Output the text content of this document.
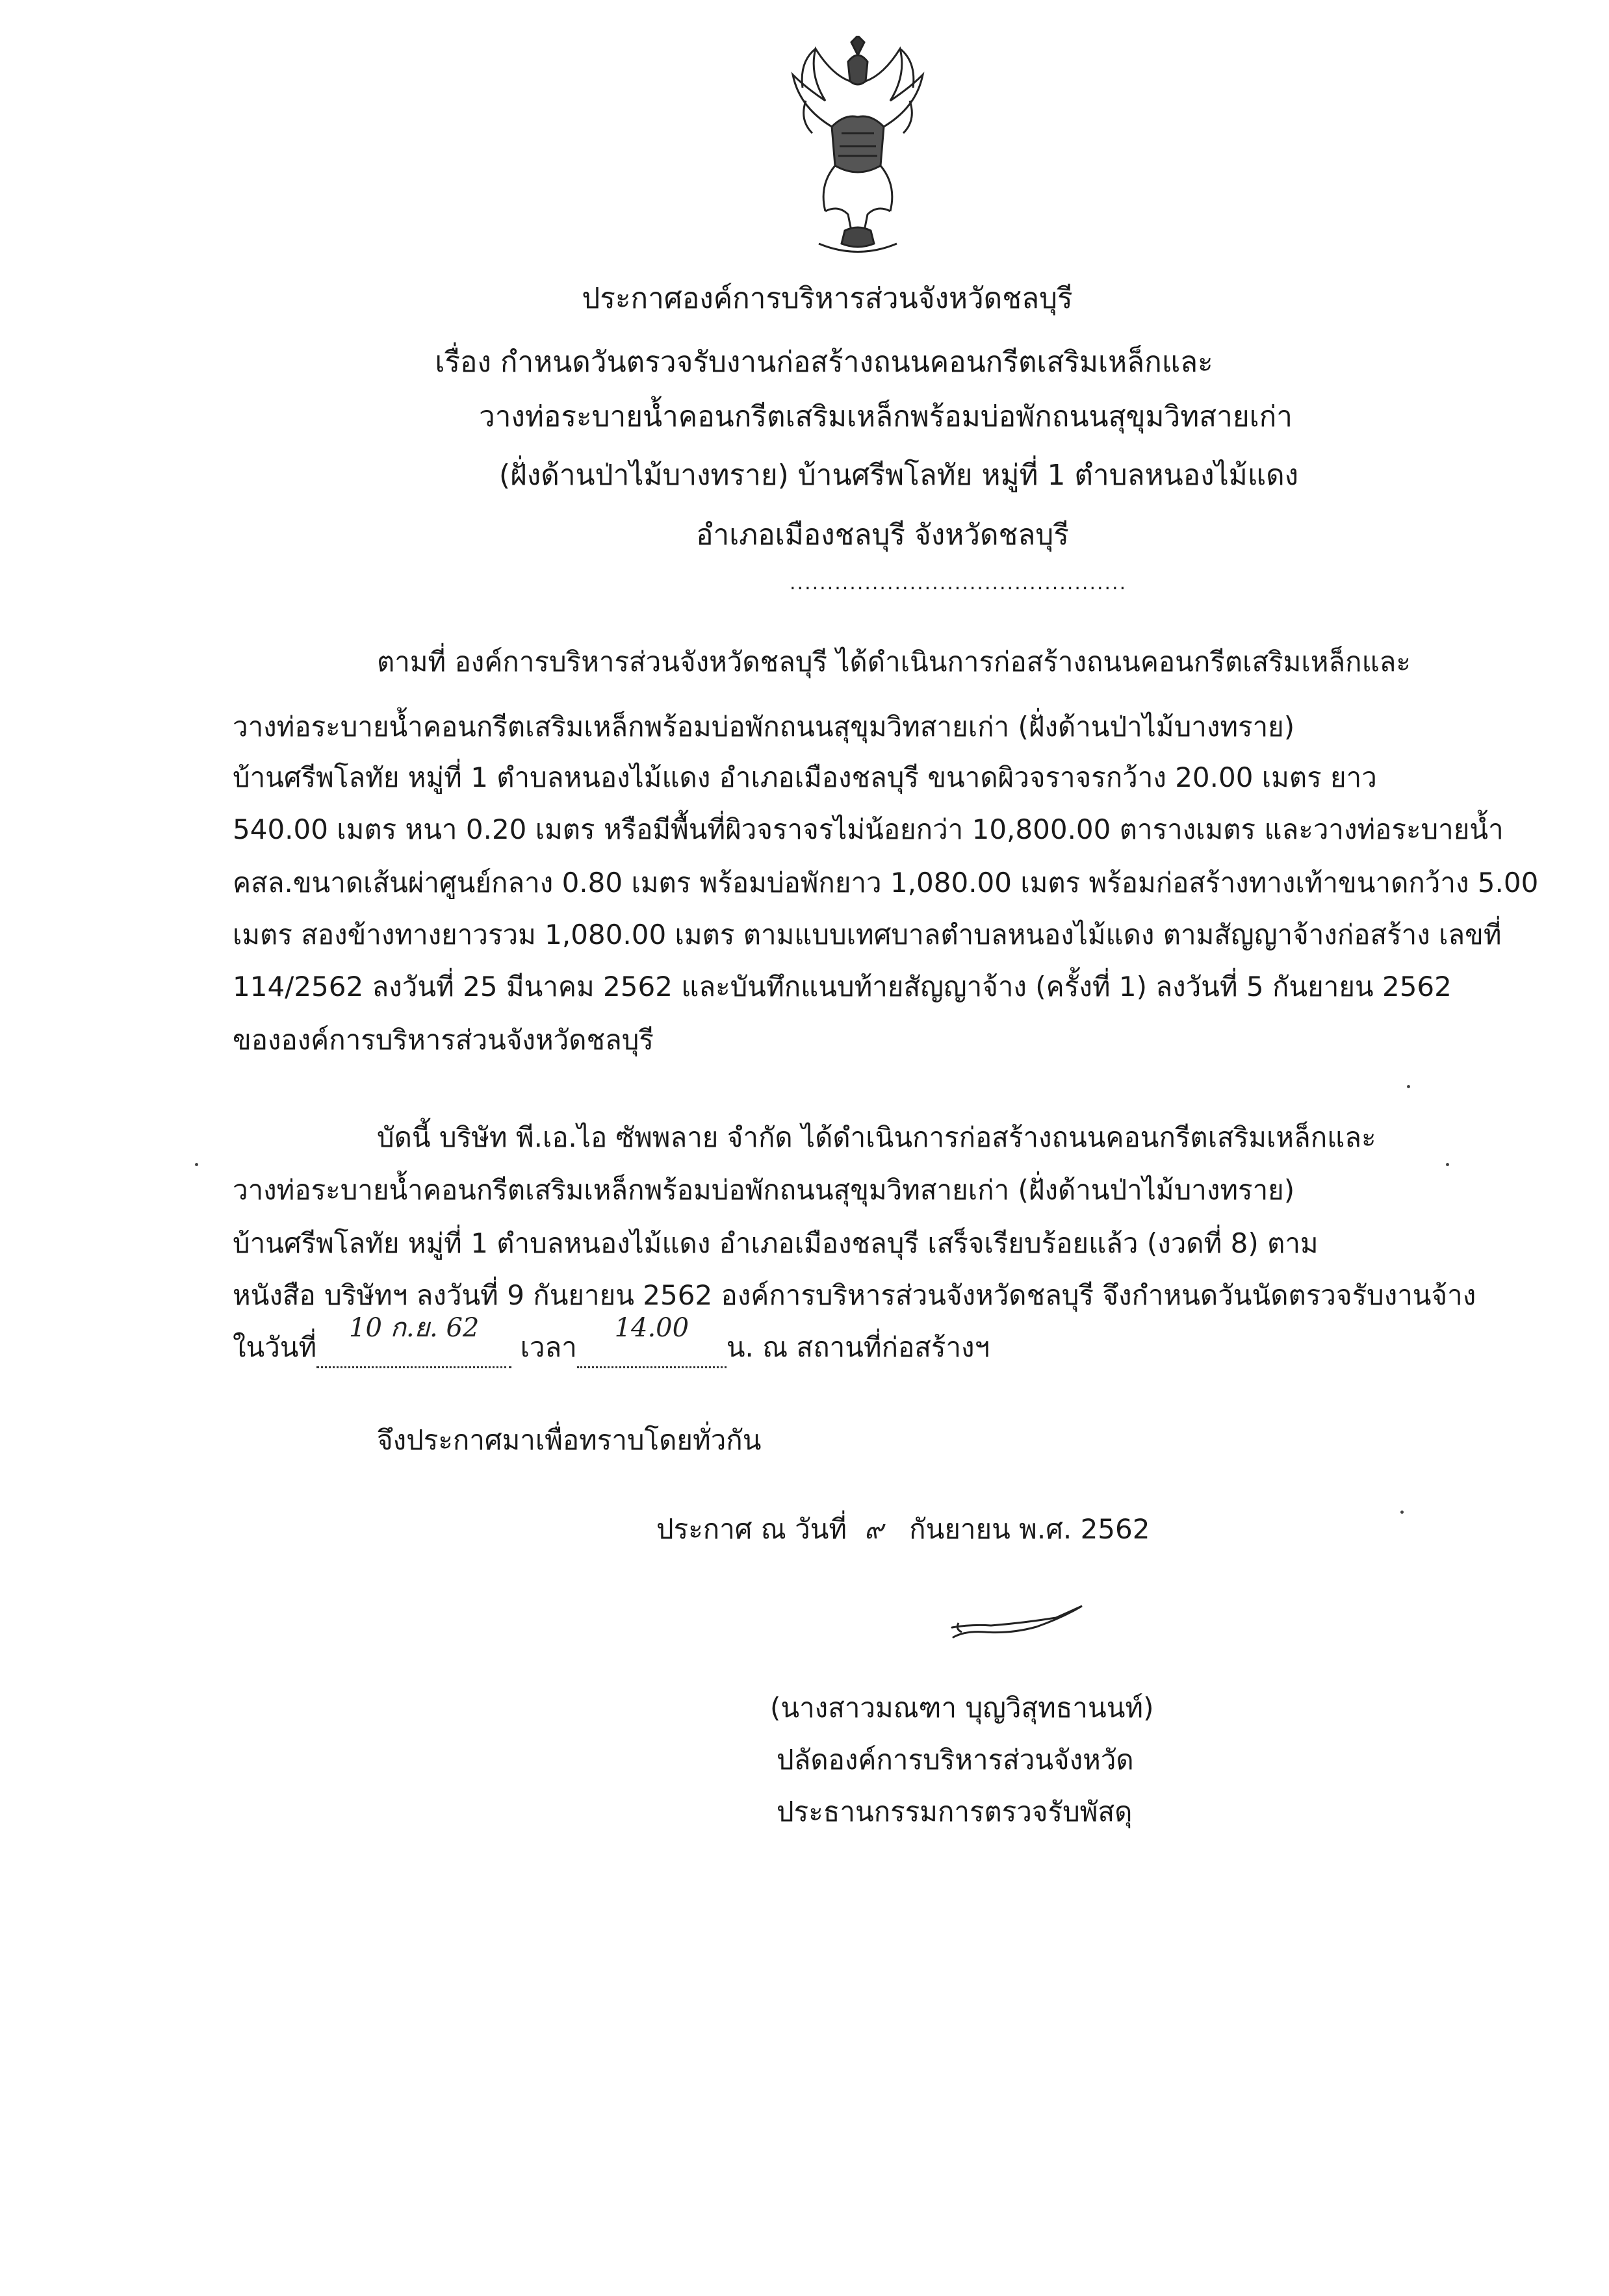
ประกาศองค์การบริหารส่วนจังหวัดชลบุรี
เรื่อง กำหนดวันตรวจรับงานก่อสร้างถนนคอนกรีตเสริมเหล็กและ
วางท่อระบายน้ำคอนกรีตเสริมเหล็กพร้อมบ่อพักถนนสุขุมวิทสายเก่า
(ฝั่งด้านป่าไม้บางทราย) บ้านศรีพโลทัย หมู่ที่ 1 ตำบลหนองไม้แดง
อำเภอเมืองชลบุรี จังหวัดชลบุรี
.............................................
ตามที่ องค์การบริหารส่วนจังหวัดชลบุรี ได้ดำเนินการก่อสร้างถนนคอนกรีตเสริมเหล็กและ
วางท่อระบายน้ำคอนกรีตเสริมเหล็กพร้อมบ่อพักถนนสุขุมวิทสายเก่า (ฝั่งด้านป่าไม้บางทราย)
บ้านศรีพโลทัย หมู่ที่ 1 ตำบลหนองไม้แดง อำเภอเมืองชลบุรี ขนาดผิวจราจรกว้าง 20.00 เมตร ยาว
540.00 เมตร หนา 0.20 เมตร หรือมีพื้นที่ผิวจราจรไม่น้อยกว่า 10,800.00 ตารางเมตร และวางท่อระบายน้ำ
คสล.ขนาดเส้นผ่าศูนย์กลาง 0.80 เมตร พร้อมบ่อพักยาว 1,080.00 เมตร พร้อมก่อสร้างทางเท้าขนาดกว้าง 5.00
เมตร สองข้างทางยาวรวม 1,080.00 เมตร ตามแบบเทศบาลตำบลหนองไม้แดง ตามสัญญาจ้างก่อสร้าง เลขที่
114/2562 ลงวันที่ 25 มีนาคม 2562 และบันทึกแนบท้ายสัญญาจ้าง (ครั้งที่ 1) ลงวันที่ 5 กันยายน 2562
ขององค์การบริหารส่วนจังหวัดชลบุรี
บัดนี้ บริษัท พี.เอ.ไอ ซัพพลาย จำกัด ได้ดำเนินการก่อสร้างถนนคอนกรีตเสริมเหล็กและ
วางท่อระบายน้ำคอนกรีตเสริมเหล็กพร้อมบ่อพักถนนสุขุมวิทสายเก่า (ฝั่งด้านป่าไม้บางทราย)
บ้านศรีพโลทัย หมู่ที่ 1 ตำบลหนองไม้แดง อำเภอเมืองชลบุรี เสร็จเรียบร้อยแล้ว (งวดที่ 8) ตาม
หนังสือ บริษัทฯ ลงวันที่ 9 กันยายน 2562 องค์การบริหารส่วนจังหวัดชลบุรี จึงกำหนดวันนัดตรวจรับงานจ้าง
ในวันที่
10 ก.ย. 62
เวลา
14.00
น. ณ สถานที่ก่อสร้างฯ
จึงประกาศมาเพื่อทราบโดยทั่วกัน
ประกาศ ณ วันที่ ๙ กันยายน พ.ศ. 2562
(นางสาวมณฑา บุญวิสุทธานนท์)
ปลัดองค์การบริหารส่วนจังหวัด
ประธานกรรมการตรวจรับพัสดุ
